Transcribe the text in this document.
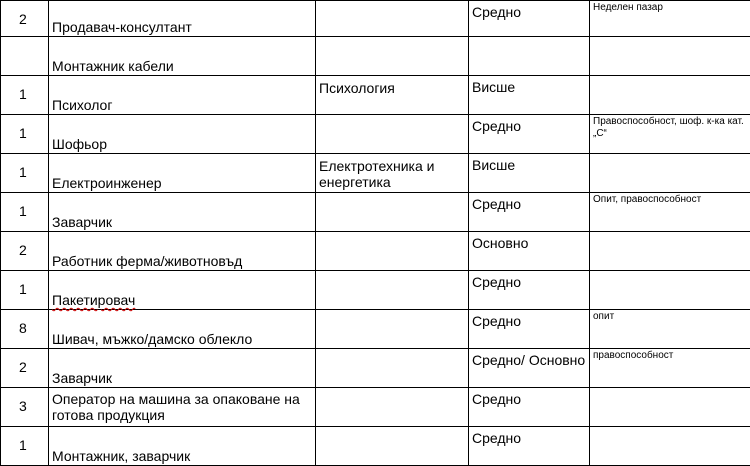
2	Продавач-консултант		Средно	Неделен пазар

	Монтажник кабели			

1	Психолог	Психология	Висше	

1	Шофьор		Средно	Правоспособност, шоф. к-ка кат. „С“

1	Електроинженер	Електротехника и енергетика	Висше	

1	Заварчик		Средно	Опит, правоспособност

2	Работник ферма/животновъд		Основно	

1	Пакетировач		Средно	

8	Шивач, мъжко/дамско облекло		Средно	опит

2	Заварчик		Средно/ Основно	правоспособност

3	Оператор на машина за опаковане на готова продукция		Средно	

1	Монтажник, заварчик		Средно	
